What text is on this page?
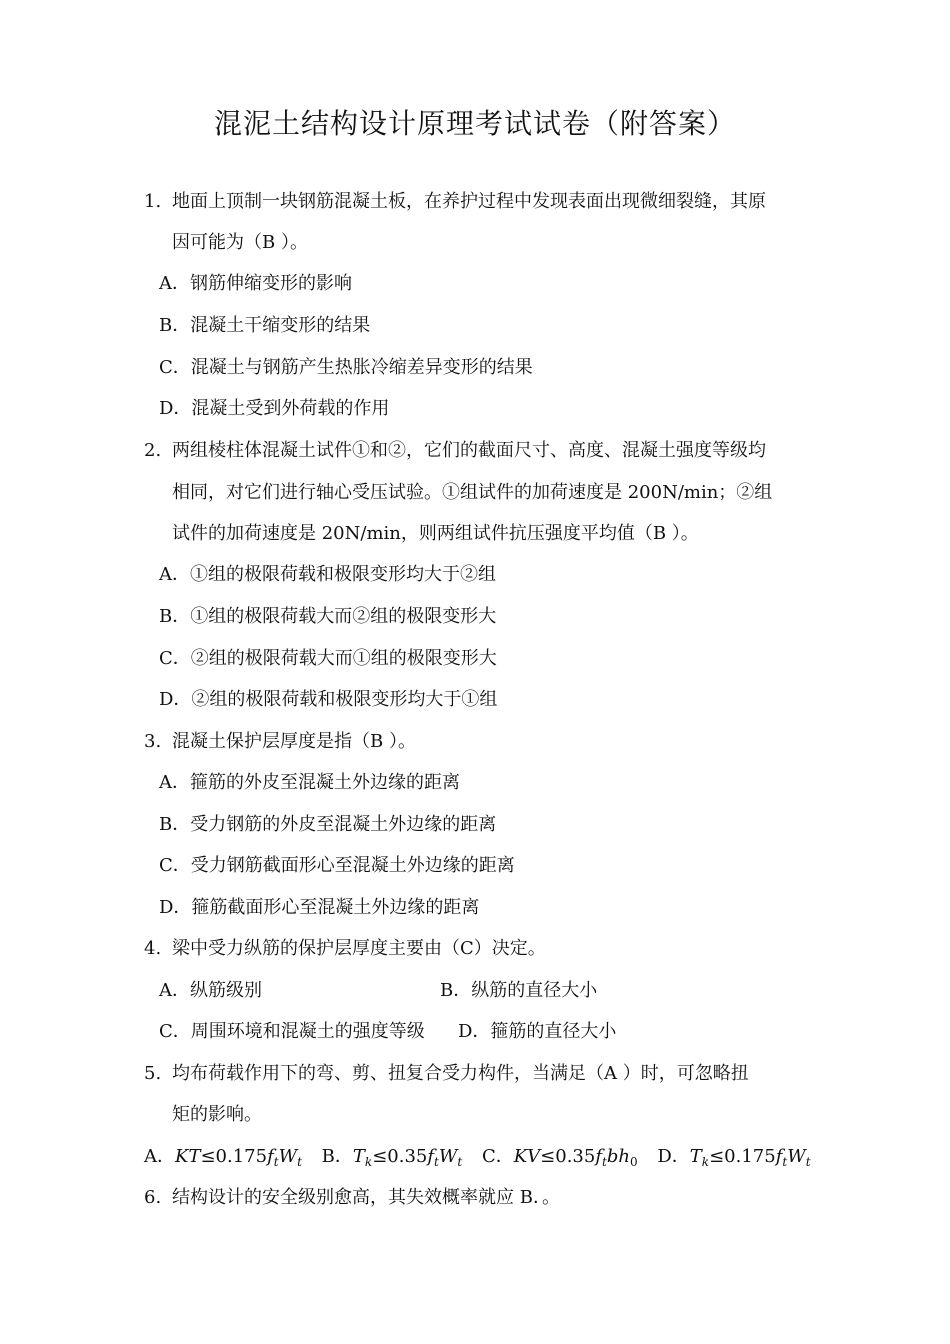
混泥土结构设计原理考试试卷（附答案）
1. 地面上顶制一块钢筋混凝土板，在养护过程中发现表面出现微细裂缝，其原
因可能为（B ）。
A．钢筋伸缩变形的影响
B．混凝土干缩变形的结果
C．混凝土与钢筋产生热胀冷缩差异变形的结果
D．混凝土受到外荷载的作用
2. 两组棱柱体混凝土试件①和②，它们的截面尺寸、高度、混凝土强度等级均
相同，对它们进行轴心受压试验。①组试件的加荷速度是 200N/min；②组
试件的加荷速度是 20N/min，则两组试件抗压强度平均值（B ）。
A．①组的极限荷载和极限变形均大于②组
B．①组的极限荷载大而②组的极限变形大
C．②组的极限荷载大而①组的极限变形大
D．②组的极限荷载和极限变形均大于①组
3. 混凝土保护层厚度是指（B ）。
A．箍筋的外皮至混凝土外边缘的距离
B．受力钢筋的外皮至混凝土外边缘的距离
C．受力钢筋截面形心至混凝土外边缘的距离
D．箍筋截面形心至混凝土外边缘的距离
4. 梁中受力纵筋的保护层厚度主要由（C）决定。
A．纵筋级别	B．纵筋的直径大小
C．周围环境和混凝土的强度等级 D．箍筋的直径大小
5. 均布荷载作用下的弯、剪、扭复合受力构件，当满足（A ）时，可忽略扭
矩的影响。
A．$KT\le 0.175f_tW_t$ B．$T_k\le 0.35f_tW_t$ C．$KV\le 0.35f_tbh_0$ D．$T_k\le 0.175f_tW_t$
6. 结构设计的安全级别愈高，其失效概率就应 B．。
